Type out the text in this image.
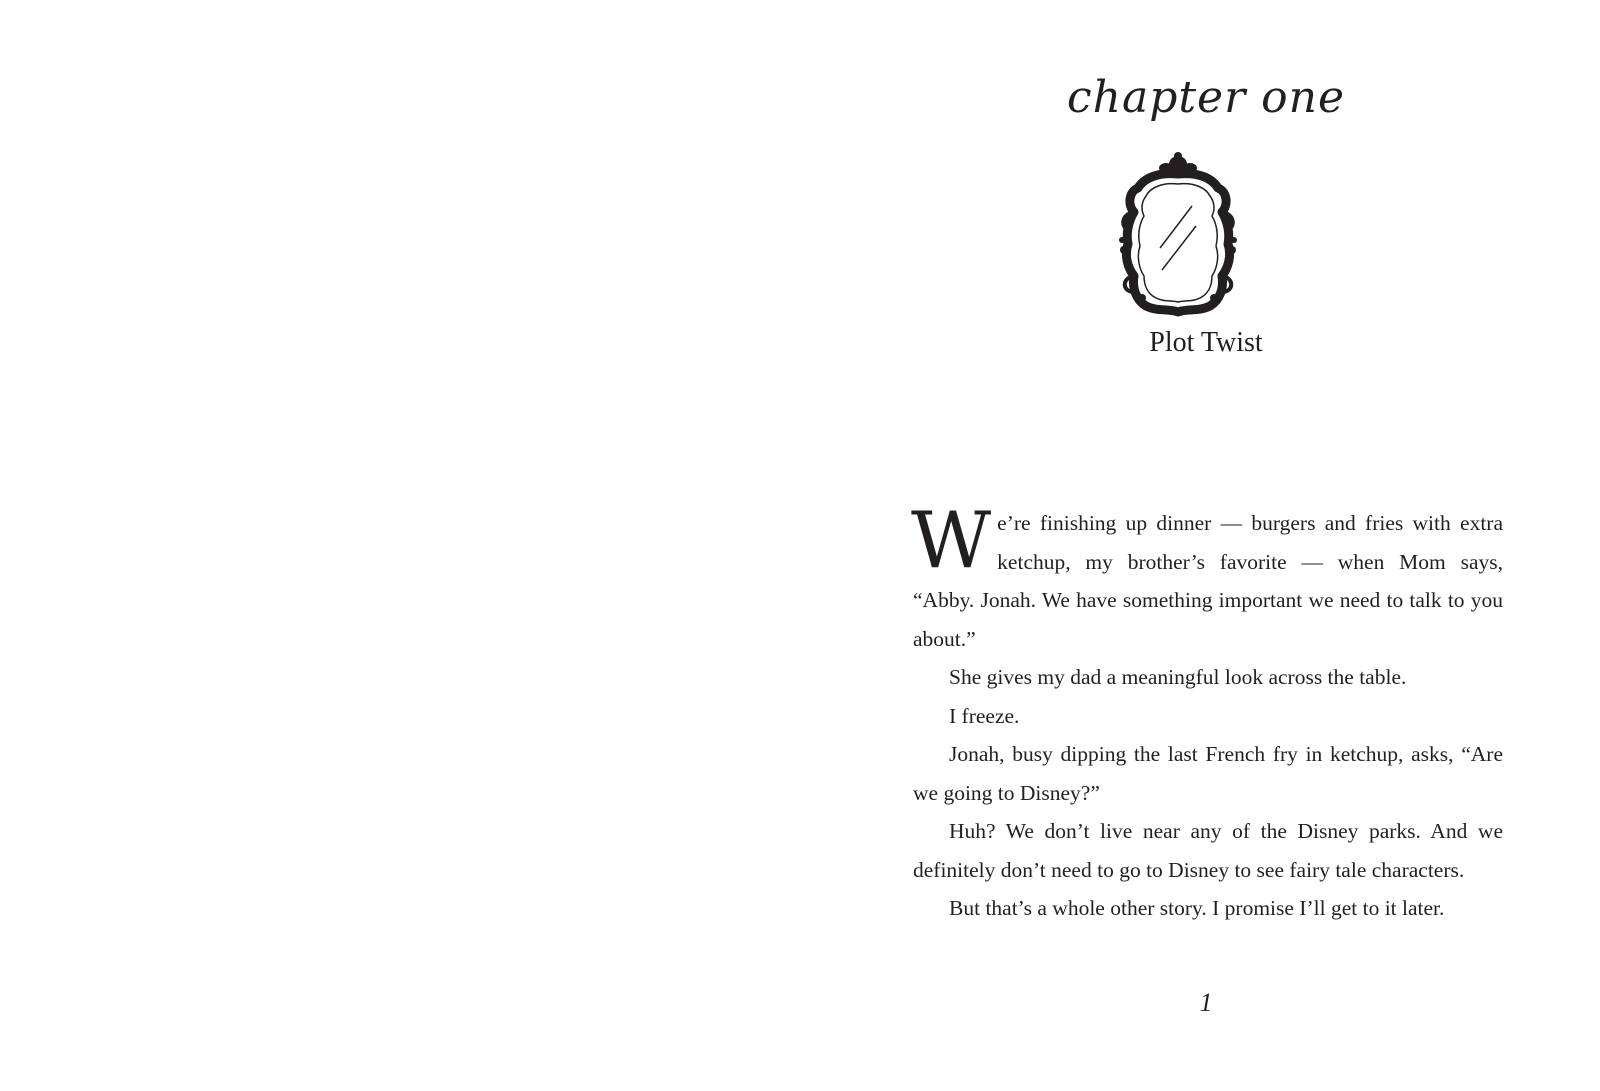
chapter one
Plot Twist

We’re finishing up dinner — burgers and fries with extra ketchup, my brother’s favorite — when Mom says, “Abby. Jonah. We have something important we need to talk to you about.”

She gives my dad a meaningful look across the table.

I freeze.

Jonah, busy dipping the last French fry in ketchup, asks, “Are we going to Disney?”

Huh? We don’t live near any of the Disney parks. And we definitely don’t need to go to Disney to see fairy tale characters.

But that’s a whole other story. I promise I’ll get to it later.

1
